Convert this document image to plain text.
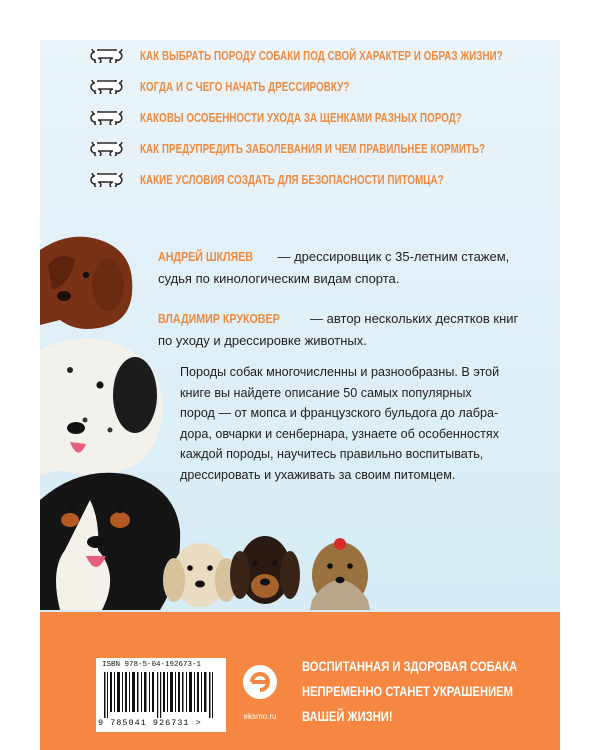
КАК ВЫБРАТЬ ПОРОДУ СОБАКИ ПОД СВОЙ ХАРАКТЕР И ОБРАЗ ЖИЗНИ?
КОГДА И С ЧЕГО НАЧАТЬ ДРЕССИРОВКУ?
КАКОВЫ ОСОБЕННОСТИ УХОДА ЗА ЩЕНКАМИ РАЗНЫХ ПОРОД?
КАК ПРЕДУПРЕДИТЬ ЗАБОЛЕВАНИЯ И ЧЕМ ПРАВИЛЬНЕЕ КОРМИТЬ?
КАКИЕ УСЛОВИЯ СОЗДАТЬ ДЛЯ БЕЗОПАСНОСТИ ПИТОМЦА?
АНДРЕЙ ШКЛЯЕВ — дрессировщик с 35-летним стажем,
судья по кинологическим видам спорта.
ВЛАДИМИР КРУКОВЕР — автор нескольких десятков книг
по уходу и дрессировке животных.
Породы собак многочисленны и разнообразны. В этой
книге вы найдете описание 50 самых популярных
пород — от мопса и французского бульдога до лабра-
дора, овчарки и сенбернара, узнаете об особенностях
каждой породы, научитесь правильно воспитывать,
дрессировать и ухаживать за своим питомцем.
ISBN 978-5-04-192673-1
9 785041 926731 >
eksmo.ru
ВОСПИТАННАЯ И ЗДОРОВАЯ СОБАКА
НЕПРЕМЕННО СТАНЕТ УКРАШЕНИЕМ
ВАШЕЙ ЖИЗНИ!
